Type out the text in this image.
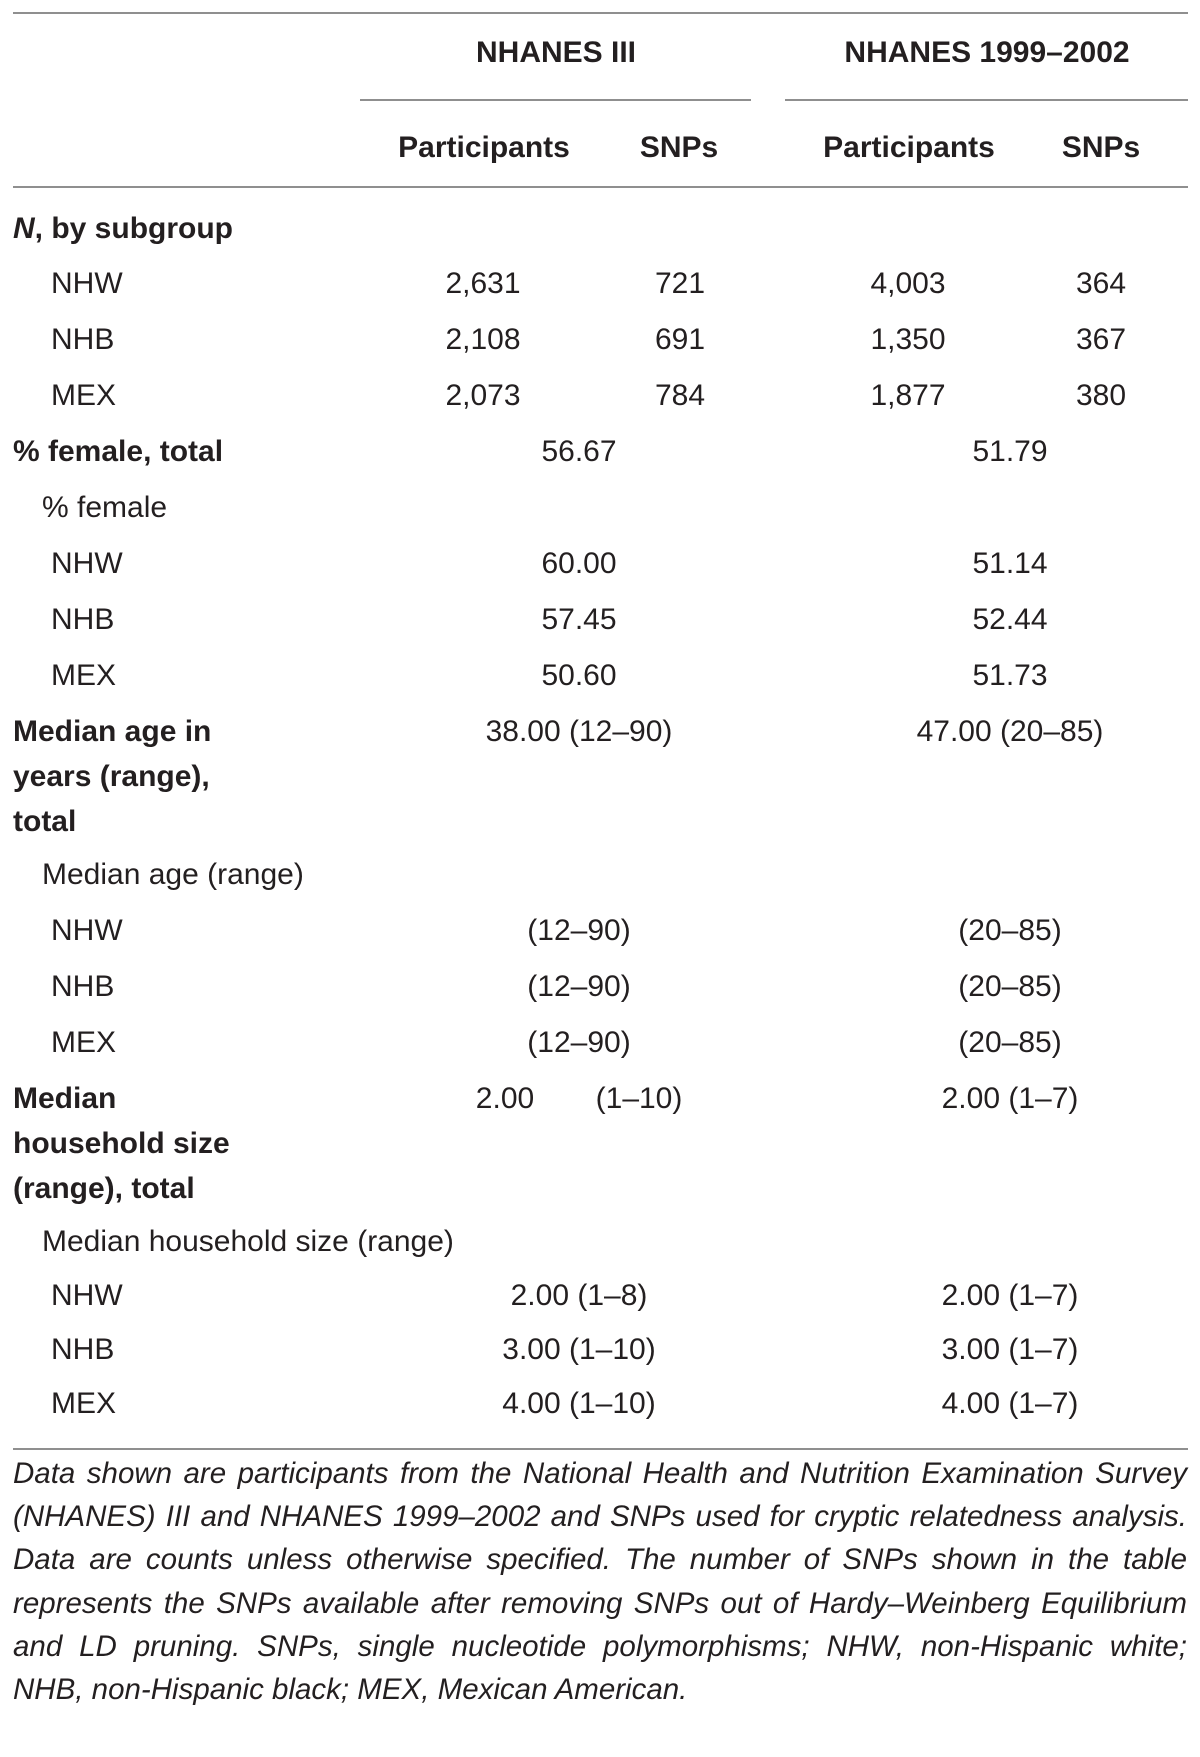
NHANES III	NHANES 1999–2002
Participants SNPs	Participants SNPs
N, by subgroup
NHW	2,631	721	4,003	364
NHB	2,108	691	1,350	367
MEX	2,073	784	1,877	380
% female, total	56.67	51.79
% female
NHW	60.00	51.14
NHB	57.45	52.44
MEX	50.60	51.73
Median age in
years (range),
total
38.00 (12–90)	47.00 (20–85)
Median age (range)
NHW	(12–90)	(20–85)
NHB	(12–90)	(20–85)
MEX	(12–90)	(20–85)
Median
household size
(range), total
2.00 (1–10)	2.00 (1–7)
Median household size (range)
NHW	2.00 (1–8)	2.00 (1–7)
NHB	3.00 (1–10)	3.00 (1–7)
MEX	4.00 (1–10)	4.00 (1–7)
Data shown are participants from the National Health and Nutrition Examination Survey (NHANES) III and NHANES 1999–2002 and SNPs used for cryptic relatedness analysis. Data are counts unless otherwise specified. The number of SNPs shown in the table represents the SNPs available after removing SNPs out of Hardy–Weinberg Equilibrium and LD pruning. SNPs, single nucleotide polymorphisms; NHW, non-Hispanic white; NHB, non-Hispanic black; MEX, Mexican American.
